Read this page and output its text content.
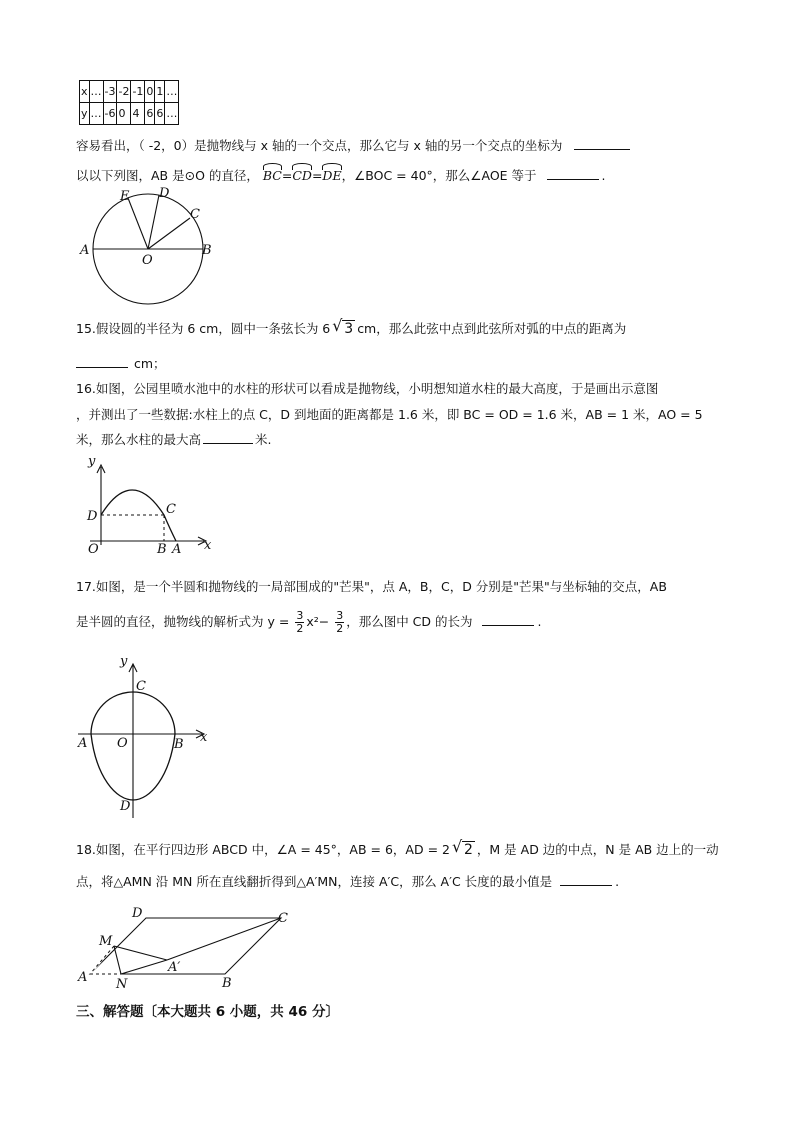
x	…	-3	-2	-1	0	1	…
y	…	-6	0	4	6	6	…
容易看出，（ -2，0）是抛物线与 x 轴的一个交点，那么它与 x 轴的另一个交点的坐标为
以以下列图，AB 是⊙O 的直径， BC=CD=DE，∠BOC = 40°，那么∠AOE 等于	.
A	B
C
D
E
O
15.假设圆的半径为 6 cm，圆中一条弦长为 6 √ 3 cm，那么此弦中点到此弦所对弧的中点的距离为
cm；
16.如图，公园里喷水池中的水柱的形状可以看成是抛物线，小明想知道水柱的最大高度，于是画出示意图
，并测出了一些数据:水柱上的点 C，D 到地面的距离都是 1.6 米，即 BC = OD = 1.6 米，AB = 1 米，AO = 5
米，那么水柱的最大高	米.
y
x
D	C
O	B A
17.如图，是一个半圆和抛物线的一局部围成的"芒果"，点 A，B，C，D 分别是"芒果"与坐标轴的交点，AB
是半圆的直径，抛物线的解析式为 $y = \frac{3}{2} x^2- \frac{3}{2}$ ，那么图中 CD 的长为	.
y
x
C
A O	B
D
18.如图，在平行四边形 ABCD 中，∠A = 45°，AB = 6，AD = 2 √ 2 ，M 是 AD 边的中点，N 是 AB 边上的一动
点，将△AMN 沿 MN 所在直线翻折得到△A′MN，连接 A′C，那么 A′C 长度的最小值是	.
D	C
M
A′
A N	B
三、解答题〔本大题共 6 小题，共 46 分〕
